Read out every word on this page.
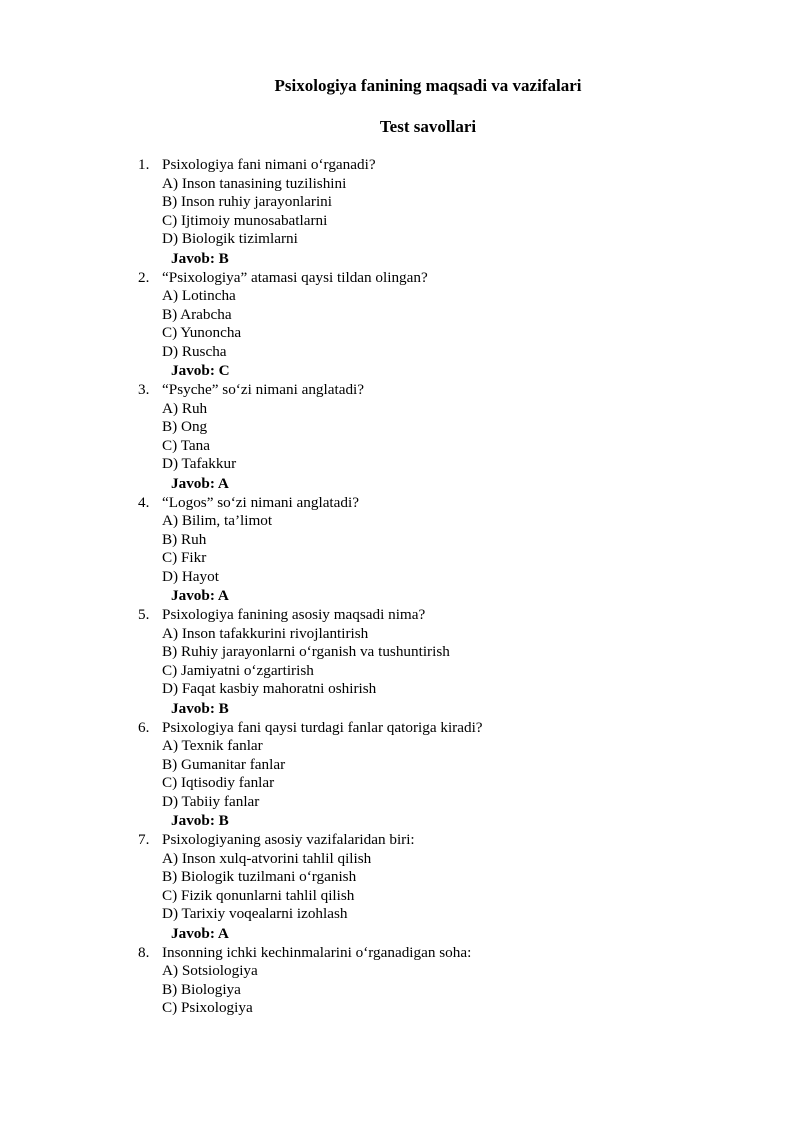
Psixologiya fanining maqsadi va vazifalari
Test savollari
1. Psixologiya fani nimani o‘rganadi?
A) Inson tanasining tuzilishini
B) Inson ruhiy jarayonlarini
C) Ijtimoiy munosabatlarni
D) Biologik tizimlarni
Javob: B
2. “Psixologiya” atamasi qaysi tildan olingan?
A) Lotincha
B) Arabcha
C) Yunoncha
D) Ruscha
Javob: C
3. “Psyche” so‘zi nimani anglatadi?
A) Ruh
B) Ong
C) Tana
D) Tafakkur
Javob: A
4. “Logos” so‘zi nimani anglatadi?
A) Bilim, ta’limot
B) Ruh
C) Fikr
D) Hayot
Javob: A
5. Psixologiya fanining asosiy maqsadi nima?
A) Inson tafakkurini rivojlantirish
B) Ruhiy jarayonlarni o‘rganish va tushuntirish
C) Jamiyatni o‘zgartirish
D) Faqat kasbiy mahoratni oshirish
Javob: B
6. Psixologiya fani qaysi turdagi fanlar qatoriga kiradi?
A) Texnik fanlar
B) Gumanitar fanlar
C) Iqtisodiy fanlar
D) Tabiiy fanlar
Javob: B
7. Psixologiyaning asosiy vazifalaridan biri:
A) Inson xulq-atvorini tahlil qilish
B) Biologik tuzilmani o‘rganish
C) Fizik qonunlarni tahlil qilish
D) Tarixiy voqealarni izohlash
Javob: A
8. Insonning ichki kechinmalarini o‘rganadigan soha:
A) Sotsiologiya
B) Biologiya
C) Psixologiya
